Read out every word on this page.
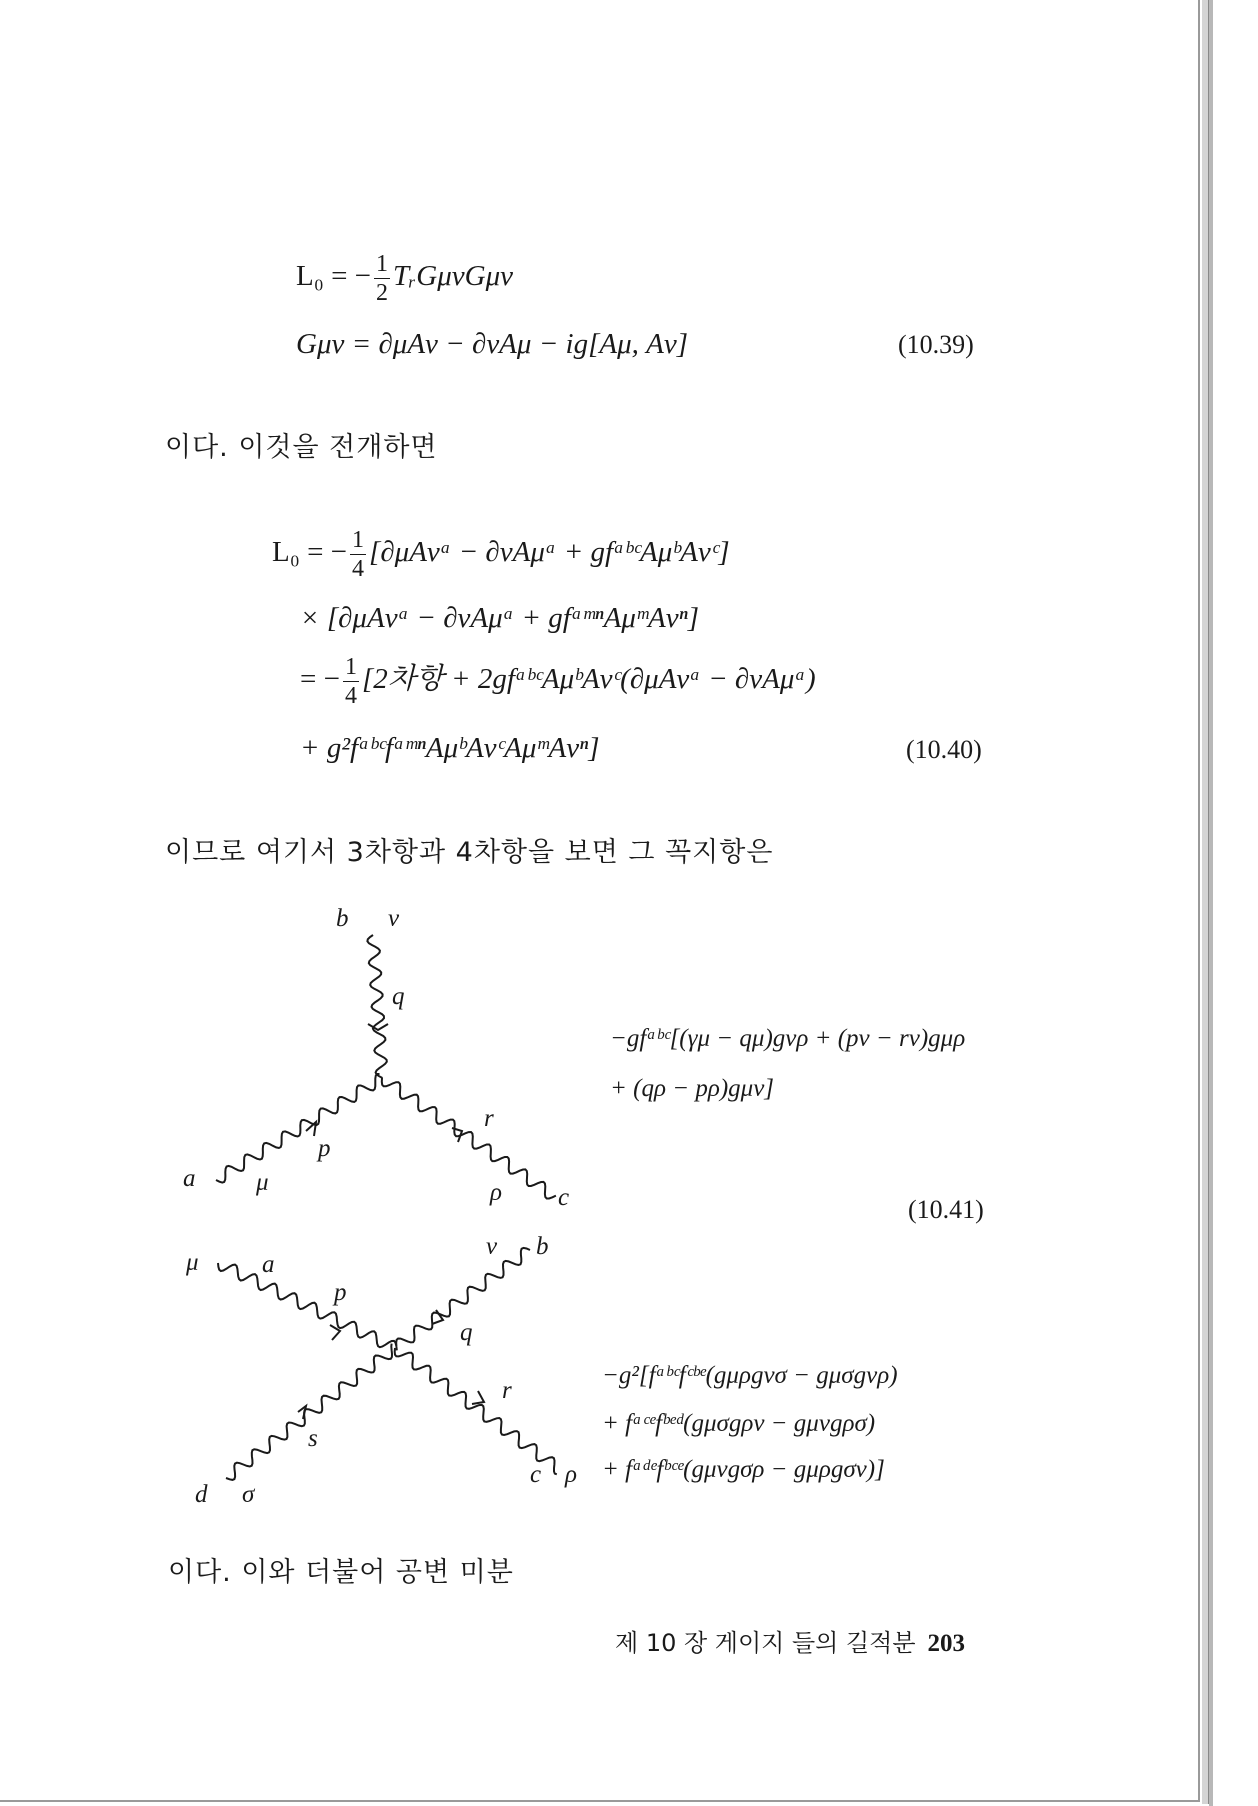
L₀ = − $\frac{1}{2}$ TᵣGμνGμν
Gμν = ∂μAν − ∂νAμ − ig[Aμ, Aν]	(10.39)
이다. 이것을 전개하면
L₀ = − $\frac{1}{4}$ [∂μAνᵃ − ∂νAμᵃ + gfᵃᵇᶜAμᵇAνᶜ]
× [∂μAνᵃ − ∂νAμᵃ + gfᵃᵐⁿAμᵐAνⁿ]
= − $\frac{1}{4} [2$차항 + 2gfᵃᵇᶜAμᵇAνᶜ(∂μAνᵃ − ∂νAμᵃ)
+ g²fᵃᵇᶜfᵃᵐⁿAμᵇAνᶜAμᵐAνⁿ]	(10.40)
이므로 여기서 3차항과 4차항을 보면 그 꼭지항은
b ν
q
a μ
p
r
ρ c
−gfᵃᵇᶜ[(γμ − qμ)gνρ + (pν − rν)gμρ
+ (qρ − pρ)gμν]
(10.41)
μ	a
ν b
p
q
r
s
d σ
c ρ
−g²[fᵃᵇᶜfᶜᵇᵉ(gμρgνσ − gμσgνρ)
+ fᵃᶜᵉfᵇᵉᵈ(gμσgρν − gμνgρσ)
+ fᵃᵈᵉfᵇᶜᵉ(gμνgσρ − gμρgσν)]
이다. 이와 더불어 공변 미분
제 10 장 게이지 들의 길적분 203
